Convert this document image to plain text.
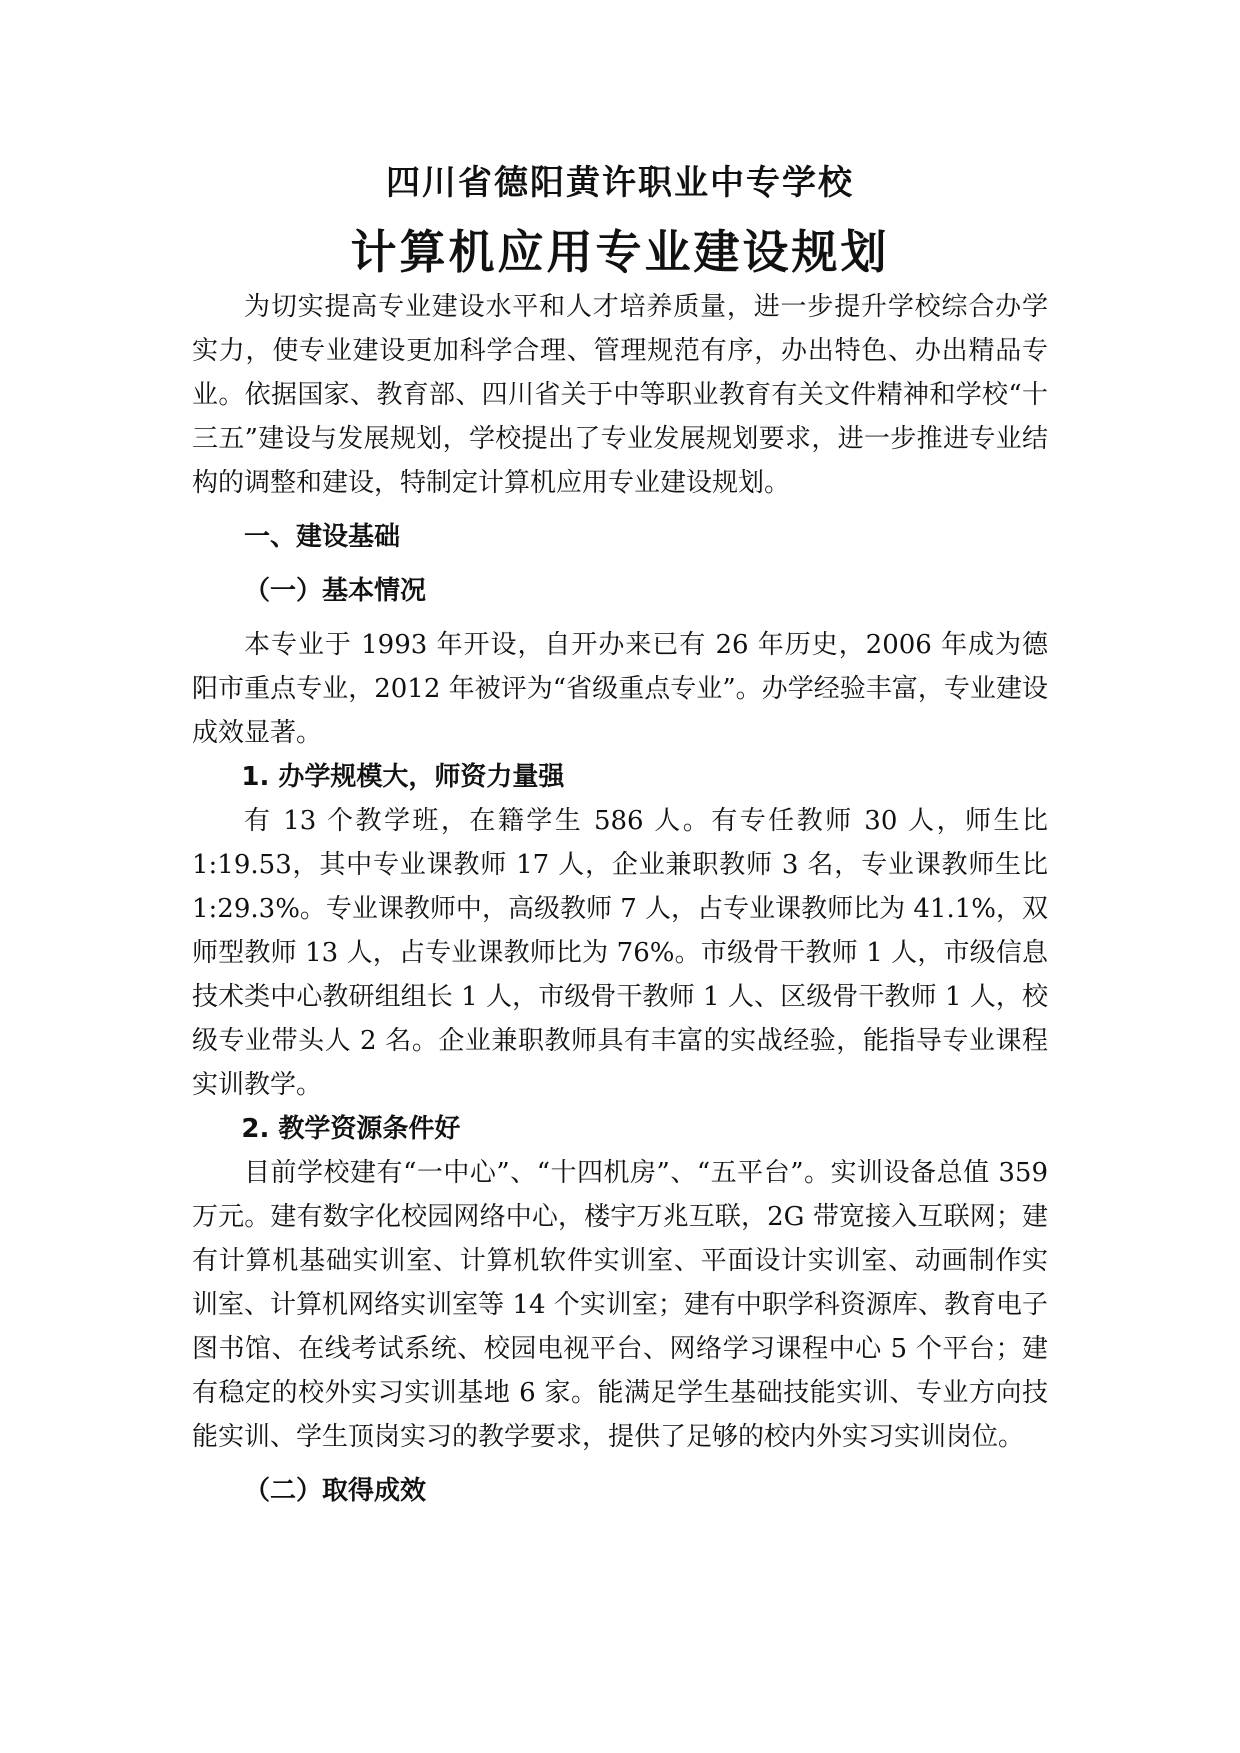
四川省德阳黄许职业中专学校
计算机应用专业建设规划

为切实提高专业建设水平和人才培养质量，进一步提升学校综合办学实力，使专业建设更加科学合理、管理规范有序，办出特色、办出精品专业。依据国家、教育部、四川省关于中等职业教育有关文件精神和学校“十三五”建设与发展规划，学校提出了专业发展规划要求，进一步推进专业结构的调整和建设，特制定计算机应用专业建设规划。

一、建设基础

（一）基本情况

本专业于 1993 年开设，自开办来已有 26 年历史，2006 年成为德阳市重点专业，2012 年被评为“省级重点专业”。办学经验丰富，专业建设成效显著。

1. 办学规模大，师资力量强

有 13 个教学班，在籍学生 586 人。有专任教师 30 人，师生比 1:19.53，其中专业课教师 17 人，企业兼职教师 3 名，专业课教师生比 1:29.3%。专业课教师中，高级教师 7 人，占专业课教师比为 41.1%，双师型教师 13 人，占专业课教师比为 76%。市级骨干教师 1 人，市级信息技术类中心教研组组长 1 人，市级骨干教师 1 人、区级骨干教师 1 人，校级专业带头人 2 名。企业兼职教师具有丰富的实战经验，能指导专业课程实训教学。

2. 教学资源条件好

目前学校建有“一中心”、“十四机房”、“五平台”。实训设备总值 359 万元。建有数字化校园网络中心，楼宇万兆互联，2G 带宽接入互联网；建有计算机基础实训室、计算机软件实训室、平面设计实训室、动画制作实训室、计算机网络实训室等 14 个实训室；建有中职学科资源库、教育电子图书馆、在线考试系统、校园电视平台、网络学习课程中心 5 个平台；建有稳定的校外实习实训基地 6 家。能满足学生基础技能实训、专业方向技能实训、学生顶岗实习的教学要求，提供了足够的校内外实习实训岗位。

（二）取得成效
